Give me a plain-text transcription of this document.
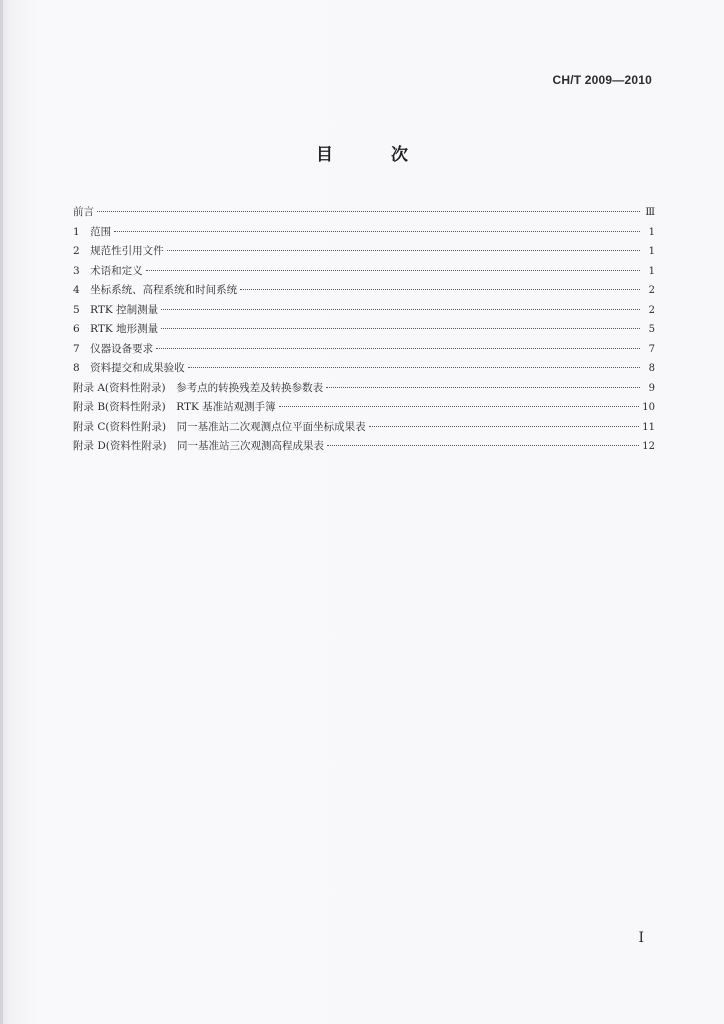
CH/T 2009—2010
目 次
前言	Ⅲ
1　范围	1
2　规范性引用文件	1
3　术语和定义	1
4　坐标系统、高程系统和时间系统	2
5　RTK 控制测量	2
6　RTK 地形测量	5
7　仪器设备要求	7
8　资料提交和成果验收	8
附录 A(资料性附录)　参考点的转换残差及转换参数表	9
附录 B(资料性附录)　RTK 基准站观测手簿	10
附录 C(资料性附录)　同一基准站二次观测点位平面坐标成果表	11
附录 D(资料性附录)　同一基准站三次观测高程成果表	12
I
